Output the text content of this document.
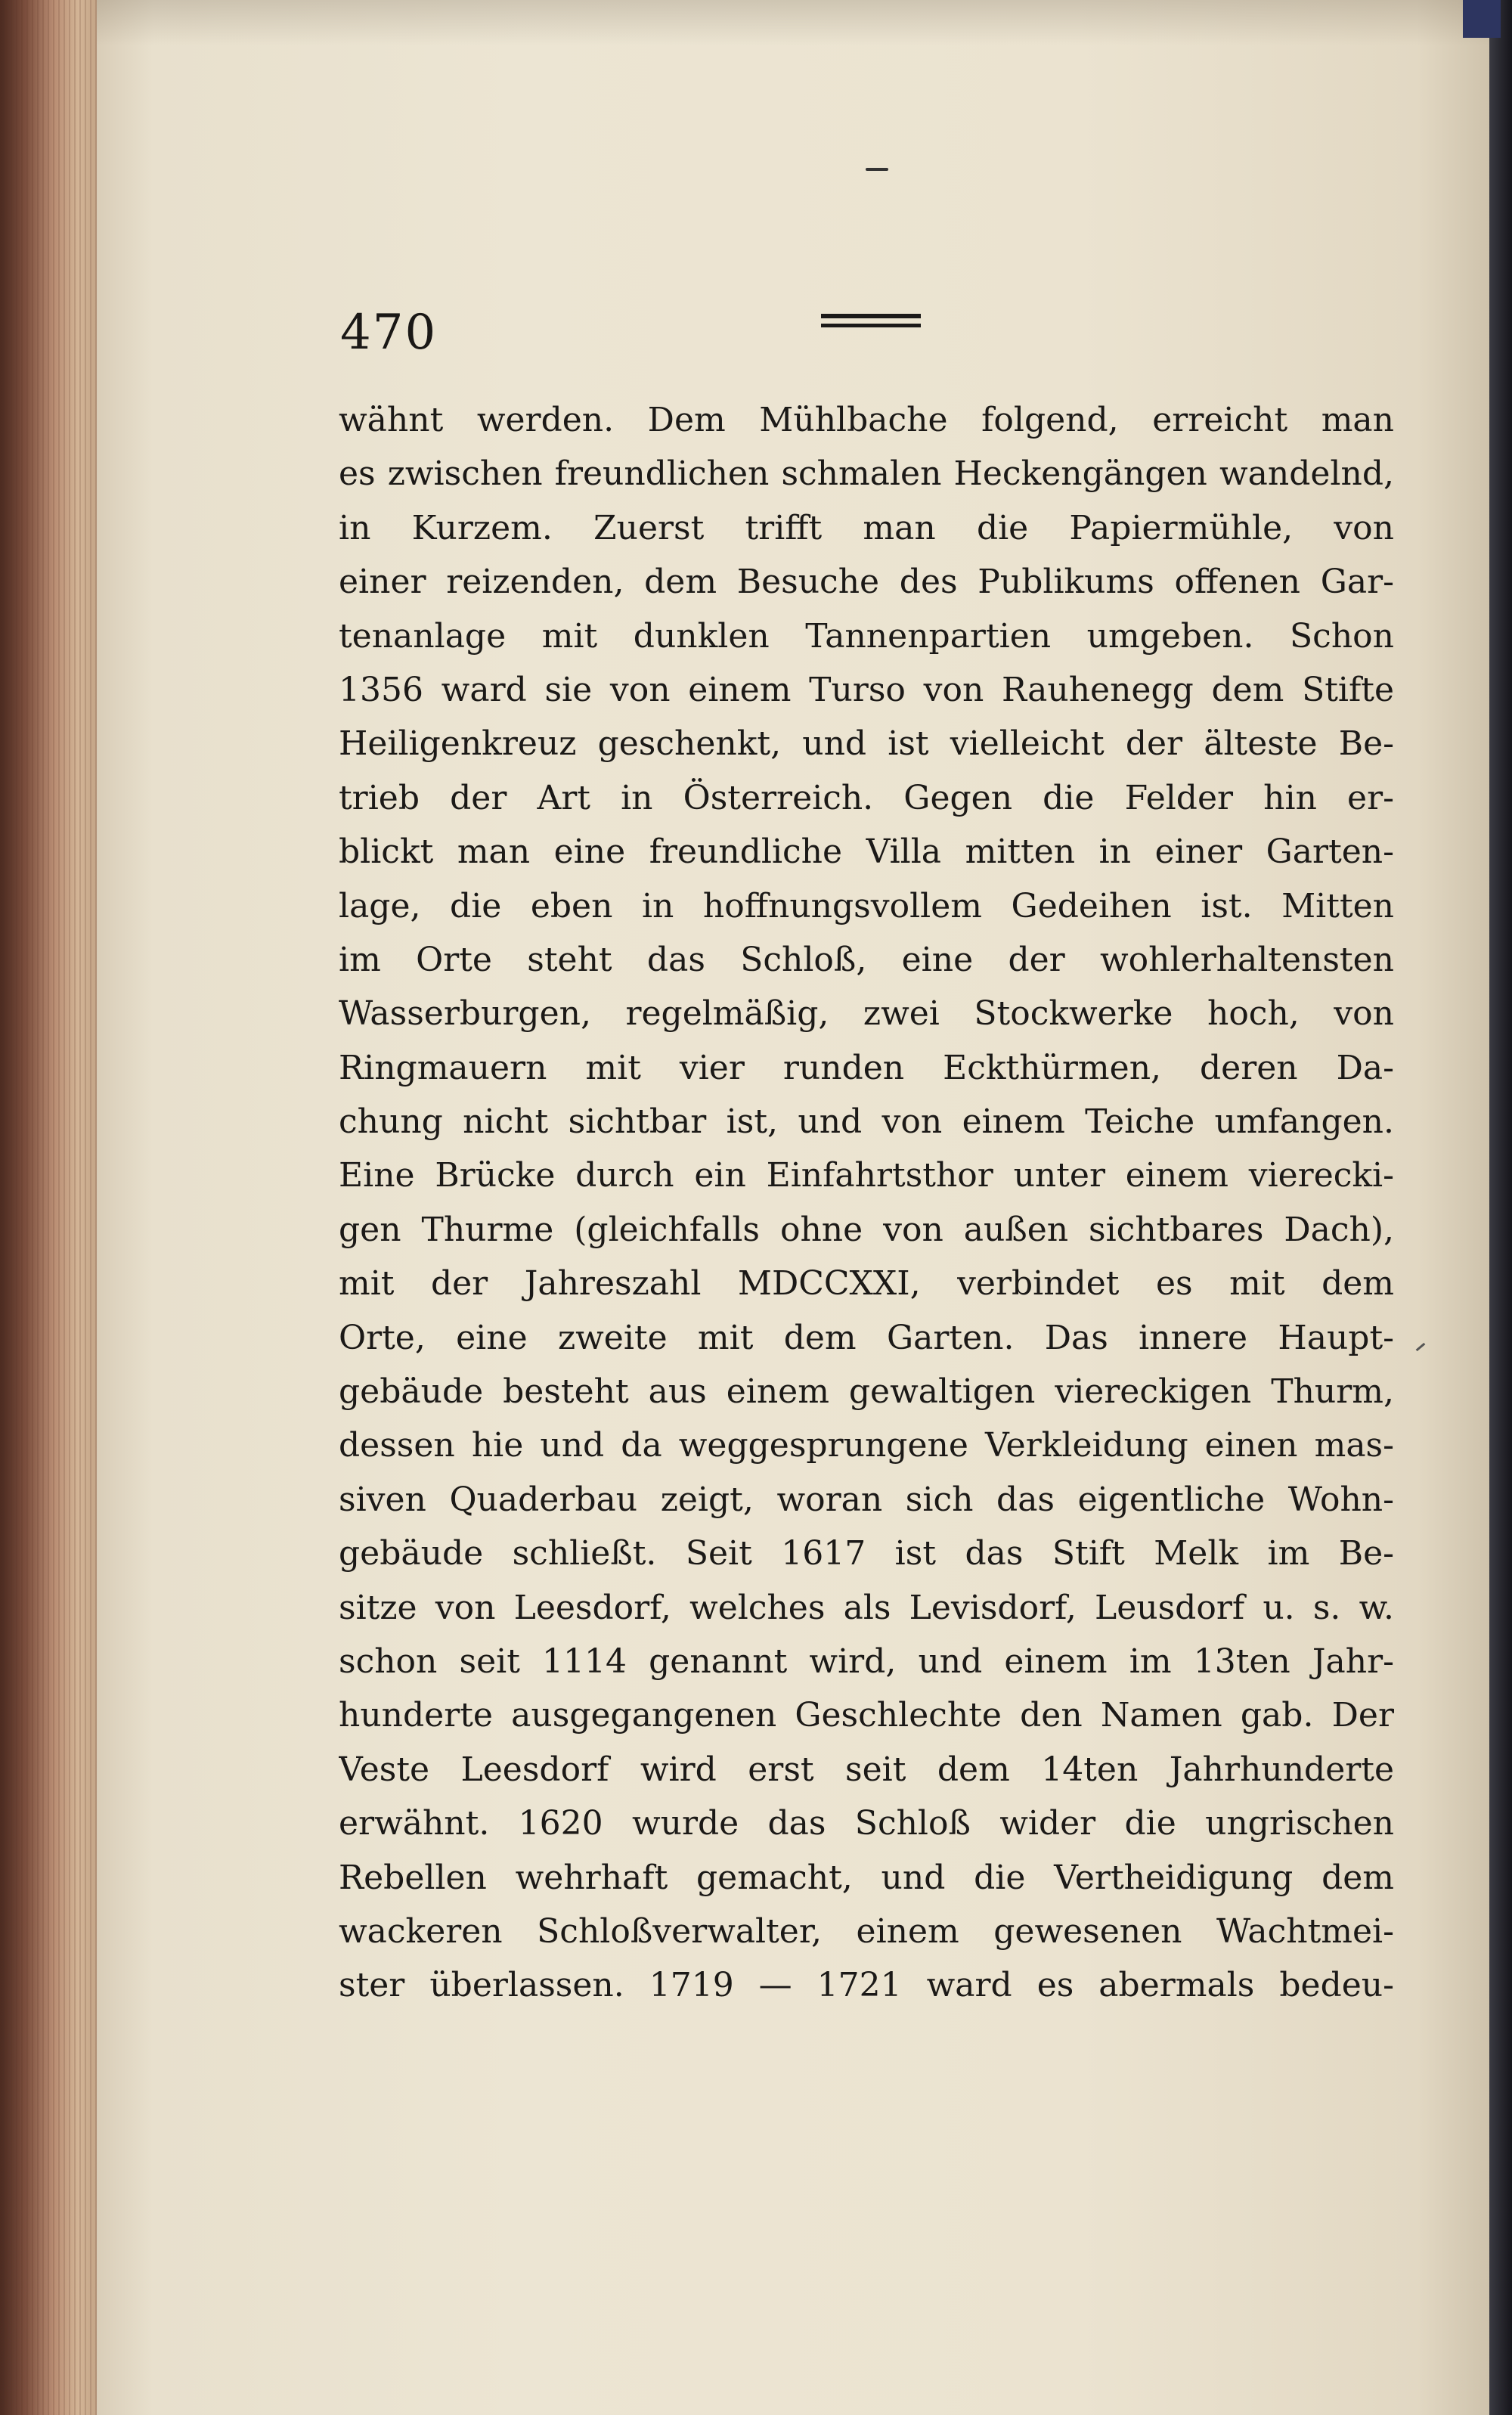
470
wähnt werden. Dem Mühlbache folgend, erreicht man
es zwischen freundlichen schmalen Heckengängen wandelnd,
in Kurzem. Zuerst trifft man die Papiermühle, von
einer reizenden, dem Besuche des Publikums offenen Gar-
tenanlage mit dunklen Tannenpartien umgeben. Schon
1356 ward sie von einem Turso von Rauhenegg dem Stifte
Heiligenkreuz geschenkt, und ist vielleicht der älteste Be-
trieb der Art in Österreich. Gegen die Felder hin er-
blickt man eine freundliche Villa mitten in einer Garten-
lage, die eben in hoffnungsvollem Gedeihen ist. Mitten
im Orte steht das Schloß, eine der wohlerhaltensten
Wasserburgen, regelmäßig, zwei Stockwerke hoch, von
Ringmauern mit vier runden Eckthürmen, deren Da-
chung nicht sichtbar ist, und von einem Teiche umfangen.
Eine Brücke durch ein Einfahrtsthor unter einem vierecki-
gen Thurme (gleichfalls ohne von außen sichtbares Dach),
mit der Jahreszahl MDCCXXI, verbindet es mit dem
Orte, eine zweite mit dem Garten. Das innere Haupt-
gebäude besteht aus einem gewaltigen viereckigen Thurm,
dessen hie und da weggesprungene Verkleidung einen mas-
siven Quaderbau zeigt, woran sich das eigentliche Wohn-
gebäude schließt. Seit 1617 ist das Stift Melk im Be-
sitze von Leesdorf, welches als Levisdorf, Leusdorf u. s. w.
schon seit 1114 genannt wird, und einem im 13ten Jahr-
hunderte ausgegangenen Geschlechte den Namen gab. Der
Veste Leesdorf wird erst seit dem 14ten Jahrhunderte
erwähnt. 1620 wurde das Schloß wider die ungrischen
Rebellen wehrhaft gemacht, und die Vertheidigung dem
wackeren Schloßverwalter, einem gewesenen Wachtmei-
ster überlassen. 1719 — 1721 ward es abermals bedeu-
